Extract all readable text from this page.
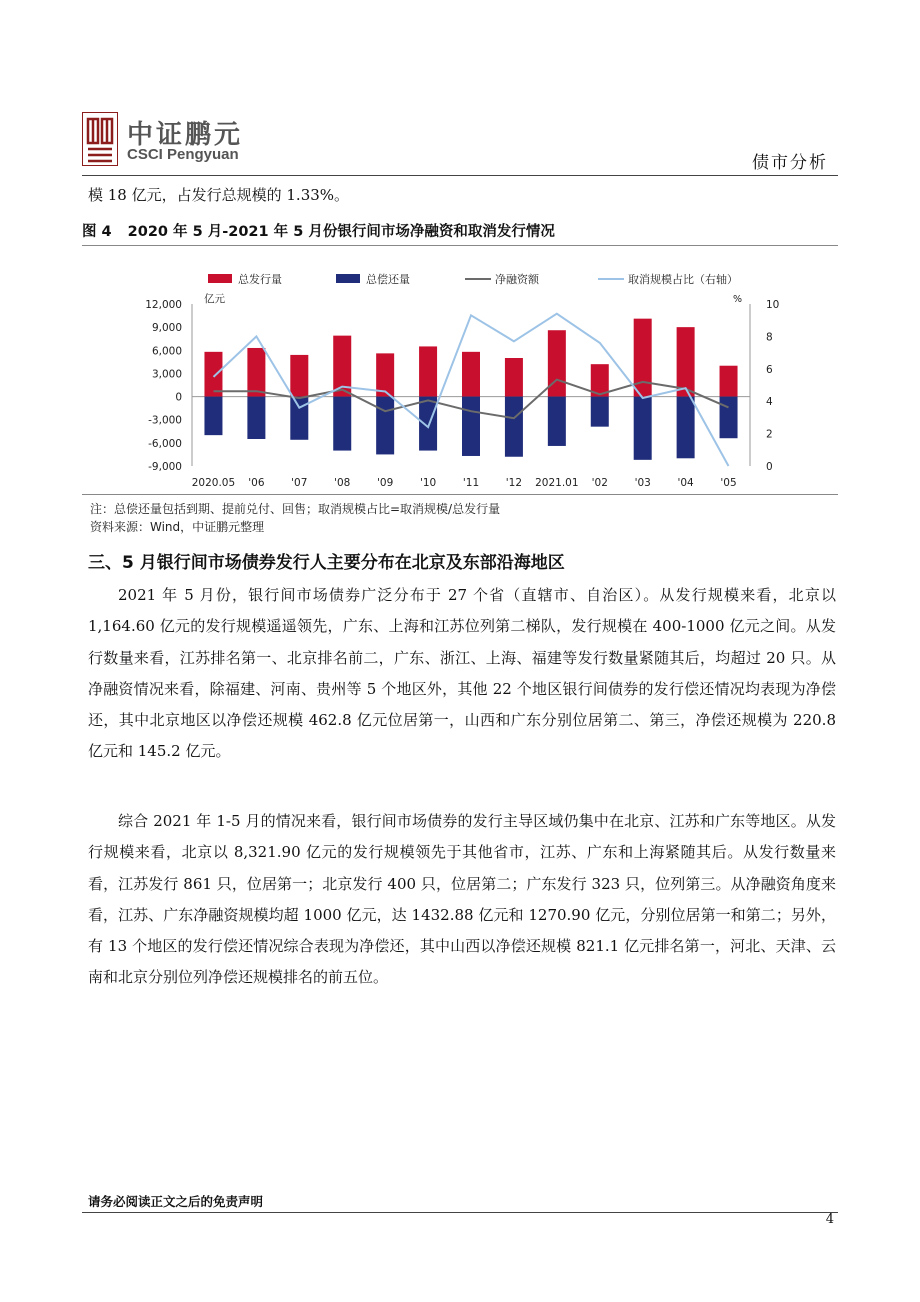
中证鹏元
CSCI Pengyuan	债市分析
模 18 亿元，占发行总规模的 1.33%。
图 4 2020 年 5 月-2021 年 5 月份银行间市场净融资和取消发行情况
12,000
9,000
6,000
3,000
0
-3,000
-6,000
-9,000
10
8
6
4
2
0
亿元	%
2020.05 '06	'07	'08	'09	'10	'11	'12 2021.01 '02	'03	'04	'05
总发行量	总偿还量	净融资额	取消规模占比（右轴）
注：总偿还量包括到期、提前兑付、回售；取消规模占比=取消规模/总发行量
资料来源：Wind，中证鹏元整理
三、5 月银行间市场债券发行人主要分布在北京及东部沿海地区

2021 年 5 月份，银行间市场债券广泛分布于 27 个省（直辖市、自治区）。从发行规模来看，北京以 1,164.60 亿元的发行规模遥遥领先，广东、上海和江苏位列第二梯队，发行规模在 400-1000 亿元之间。从发行数量来看，江苏排名第一、北京排名前二，广东、浙江、上海、福建等发行数量紧随其后，均超过 20 只。从净融资情况来看，除福建、河南、贵州等 5 个地区外，其他 22 个地区银行间债券的发行偿还情况均表现为净偿还，其中北京地区以净偿还规模 462.8 亿元位居第一，山西和广东分别位居第二、第三，净偿还规模为 220.8 亿元和 145.2 亿元。

综合 2021 年 1-5 月的情况来看，银行间市场债券的发行主导区域仍集中在北京、江苏和广东等地区。从发行规模来看，北京以 8,321.90 亿元的发行规模领先于其他省市，江苏、广东和上海紧随其后。从发行数量来看，江苏发行 861 只，位居第一；北京发行 400 只，位居第二；广东发行 323 只，位列第三。从净融资角度来看，江苏、广东净融资规模均超 1000 亿元，达 1432.88 亿元和 1270.90 亿元，分别位居第一和第二；另外，有 13 个地区的发行偿还情况综合表现为净偿还，其中山西以净偿还规模 821.1 亿元排名第一，河北、天津、云南和北京分别位列净偿还规模排名的前五位。

请务必阅读正文之后的免责声明
4
